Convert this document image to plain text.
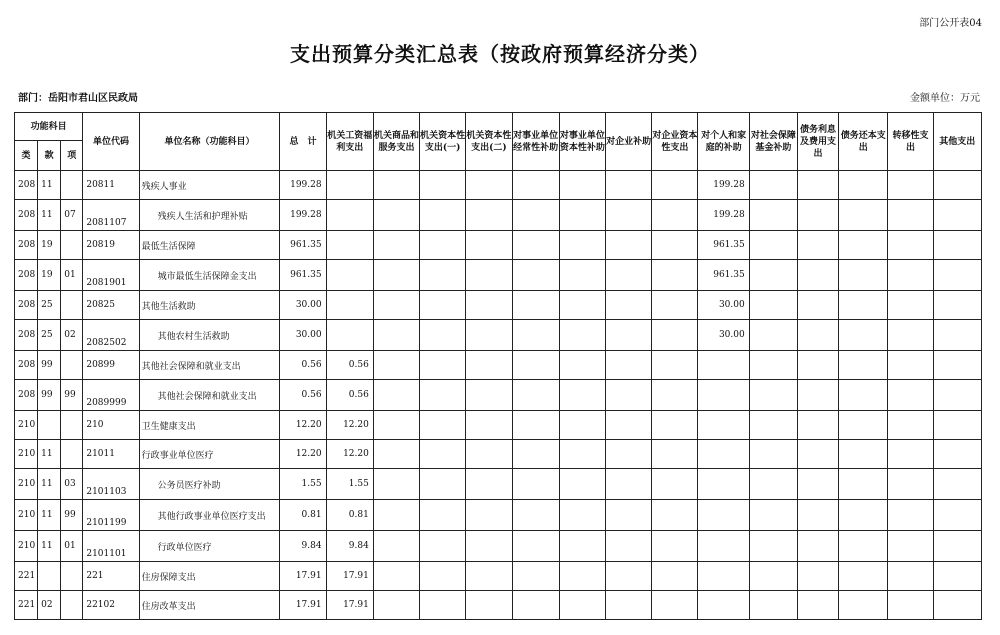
部门公开表04
支出预算分类汇总表（按政府预算经济分类）
部门：岳阳市君山区民政局	金额单位：万元
功能科目			单位代码	单位名称（功能科目）	总　计	机关工资福利支出	机关商品和服务支出	机关资本性支出(一)	机关资本性支出(二)	对事业单位经常性补助	对事业单位资本性补助	对企业补助	对企业资本性支出	对个人和家庭的补助	对社会保障基金补助	债务利息及费用支出	债务还本支出	转移性支出	其他支出
类	款	项																	
208	11		20811	残疾人事业	199.28									199.28					
208	11	07	2081107	残疾人生活和护理补贴	199.28									199.28					
208	19		20819	最低生活保障	961.35									961.35					
208	19	01	2081901	城市最低生活保障金支出	961.35									961.35					
208	25		20825	其他生活救助	30.00									30.00					
208	25	02	2082502	其他农村生活救助	30.00									30.00					
208	99		20899	其他社会保障和就业支出	0.56	0.56													
208	99	99	2089999	其他社会保障和就业支出	0.56	0.56													
210			210	卫生健康支出	12.20	12.20													
210	11		21011	行政事业单位医疗	12.20	12.20													
210	11	03	2101103	公务员医疗补助	1.55	1.55													
210	11	99	2101199	其他行政事业单位医疗支出	0.81	0.81													
210	11	01	2101101	行政单位医疗	9.84	9.84													
221			221	住房保障支出	17.91	17.91													
221	02		22102	住房改革支出	17.91	17.91													
